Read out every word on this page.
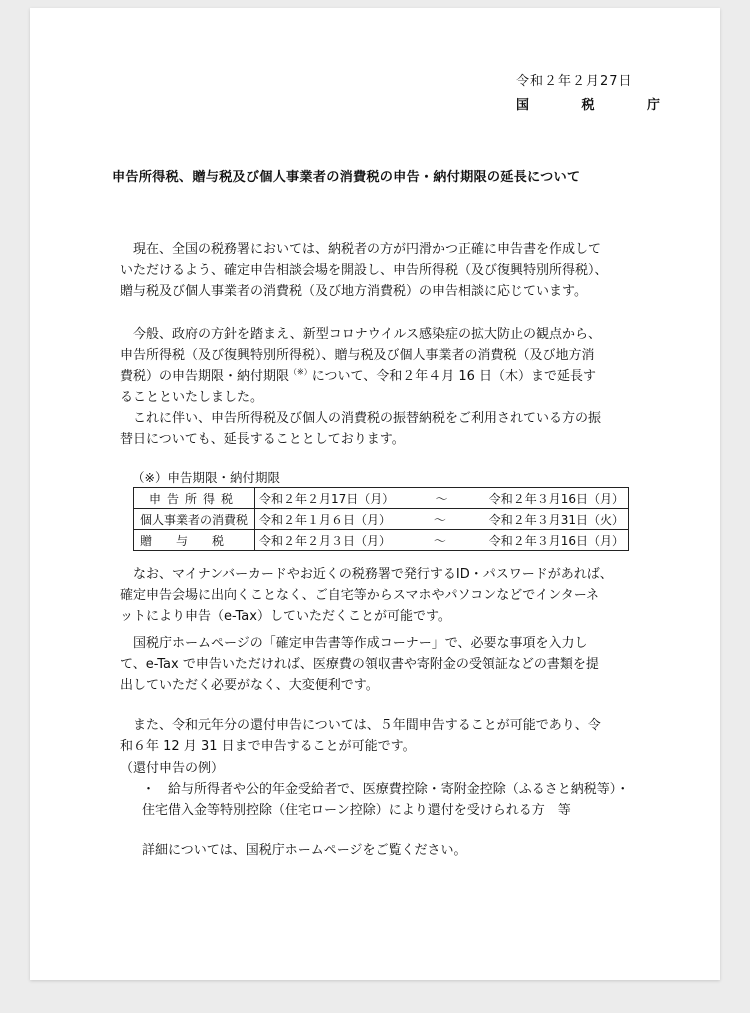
令和２年２月27日
国	税	庁
申告所得税、贈与税及び個人事業者の消費税の申告・納付期限の延長について
現在、全国の税務署においては、納税者の方が円滑かつ正確に申告書を作成して
いただけるよう、確定申告相談会場を開設し、申告所得税（及び復興特別所得税）、
贈与税及び個人事業者の消費税（及び地方消費税）の申告相談に応じています。
今般、政府の方針を踏まえ、新型コロナウイルス感染症の拡大防止の観点から、
申告所得税（及び復興特別所得税）、贈与税及び個人事業者の消費税（及び地方消
費税）の申告期限・納付期限（※）について、令和２年４月 16 日（木）まで延長す
ることといたしました。
これに伴い、申告所得税及び個人の消費税の振替納税をご利用されている方の振
替日についても、延長することとしております。
（※）申告期限・納付期限
申告所得税	令和２年２月17日（月） ～ 令和２年３月16日（月）

個人事業者の消費税	令和２年１月６日（月） ～ 令和２年３月31日（火）

贈与税	令和２年２月３日（月） ～ 令和２年３月16日（月）
なお、マイナンバーカードやお近くの税務署で発行するID・パスワードがあれば、
確定申告会場に出向くことなく、ご自宅等からスマホやパソコンなどでインターネ
ットにより申告（e-Tax）していただくことが可能です。
国税庁ホームページの「確定申告書等作成コーナー」で、必要な事項を入力し
て、e-Tax で申告いただければ、医療費の領収書や寄附金の受領証などの書類を提
出していただく必要がなく、大変便利です。
また、令和元年分の還付申告については、５年間申告することが可能であり、令
和６年 12 月 31 日まで申告することが可能です。
（還付申告の例）
・ 給与所得者や公的年金受給者で、医療費控除・寄附金控除（ふるさと納税等）・
住宅借入金等特別控除（住宅ローン控除）により還付を受けられる方　等
詳細については、国税庁ホームページをご覧ください。
